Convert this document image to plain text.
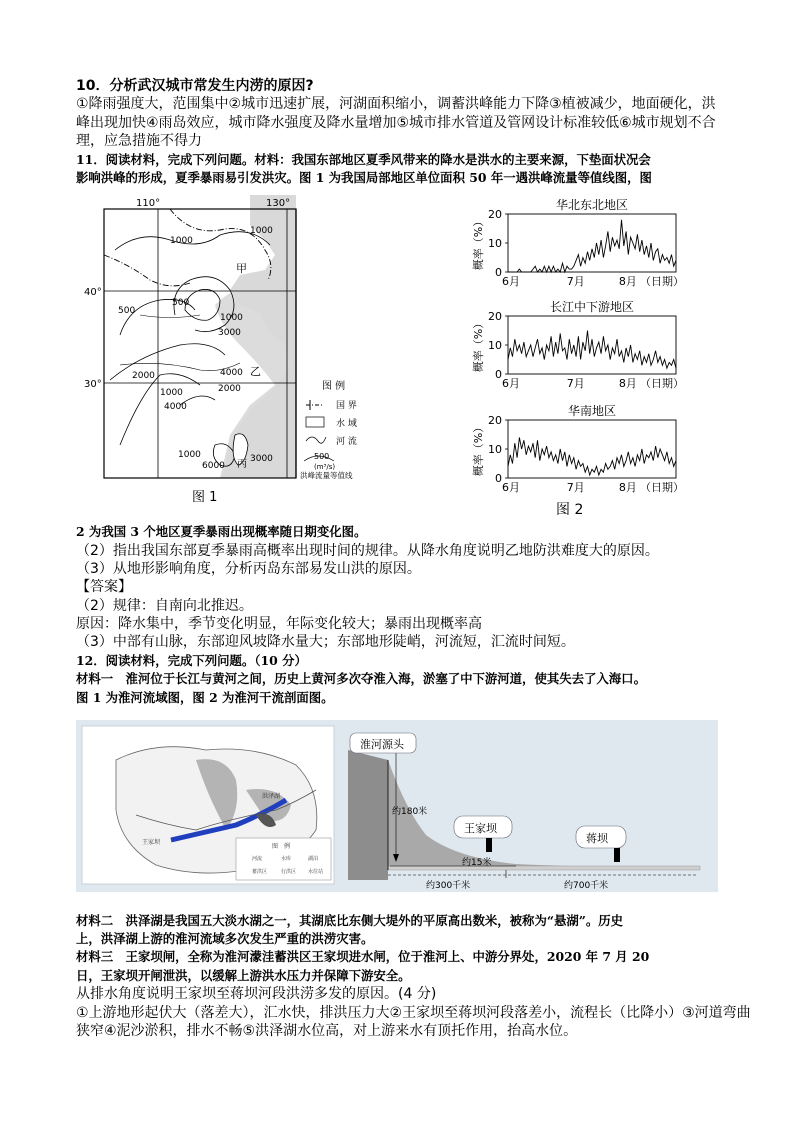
10．分析武汉城市常发生内涝的原因?
①降雨强度大，范围集中②城市迅速扩展，河湖面积缩小，调蓄洪峰能力下降③植被减少，地面硬化，洪
峰出现加快④雨岛效应，城市降水强度及降水量增加⑤城市排水管道及管网设计标准较低⑥城市规划不合
理，应急措施不得力
11．阅读材料，完成下列问题。材料：我国东部地区夏季风带来的降水是洪水的主要来源，下垫面状况会
影响洪峰的形成，夏季暴雨易引发洪灾。图 1 为我国局部地区单位面积 50 年一遇洪峰流量等值线图，图
110°	130°
40°
30°
1000
1000
500
500
1000
3000
4000
2000
1000	2000
4000
1000
6000
3000
甲
乙
丙
图 例
国 界
水 域
河 流
500
(m³/s)
洪峰流量等值线
图 1
华北东北地区
0
10
20
概率（%）
6月	7月	8月 （日期）
长江中下游地区
0
10
20
概率（%）
6月	7月	8月 （日期）
华南地区
0
10
20
概率（%）
6月	7月	8月 （日期）
图 2
2 为我国 3 个地区夏季暴雨出现概率随日期变化图。
（2）指出我国东部夏季暴雨高概率出现时间的规律。从降水角度说明乙地防洪难度大的原因。
（3）从地形影响角度，分析丙岛东部易发山洪的原因。
【答案】
（2）规律：自南向北推迟。
原因：降水集中，季节变化明显，年际变化较大；暴雨出现概率高
（3）中部有山脉，东部迎风坡降水量大；东部地形陡峭，河流短，汇流时间短。
12．阅读材料，完成下列问题。（10 分）
材料一　淮河位于长江与黄河之间，历史上黄河多次夺淮入海，淤塞了中下游河道，使其失去了入海口。
图 1 为淮河流域图，图 2 为淮河干流剖面图。
王家坝
洪泽湖
图　例
河流	水库	湖泊
蓄洪区	行洪区 水位站
淮河源头
王家坝
蒋坝
约180米
约15米
约300千米	约700千米
材料二　洪泽湖是我国五大淡水湖之一，其湖底比东侧大堤外的平原高出数米，被称为“悬湖”。历史
上，洪泽湖上游的淮河流域多次发生严重的洪涝灾害。
材料三　王家坝闸，全称为淮河濛洼蓄洪区王家坝进水闸，位于淮河上、中游分界处，2020 年 7 月 20
日，王家坝开闸泄洪，以缓解上游洪水压力并保障下游安全。
从排水角度说明王家坝至蒋坝河段洪涝多发的原因。(4 分)
①上游地形起伏大（落差大），汇水快，排洪压力大②王家坝至蒋坝河段落差小，流程长（比降小）③河道弯曲
狭窄④泥沙淤积，排水不畅⑤洪泽湖水位高，对上游来水有顶托作用，抬高水位。
